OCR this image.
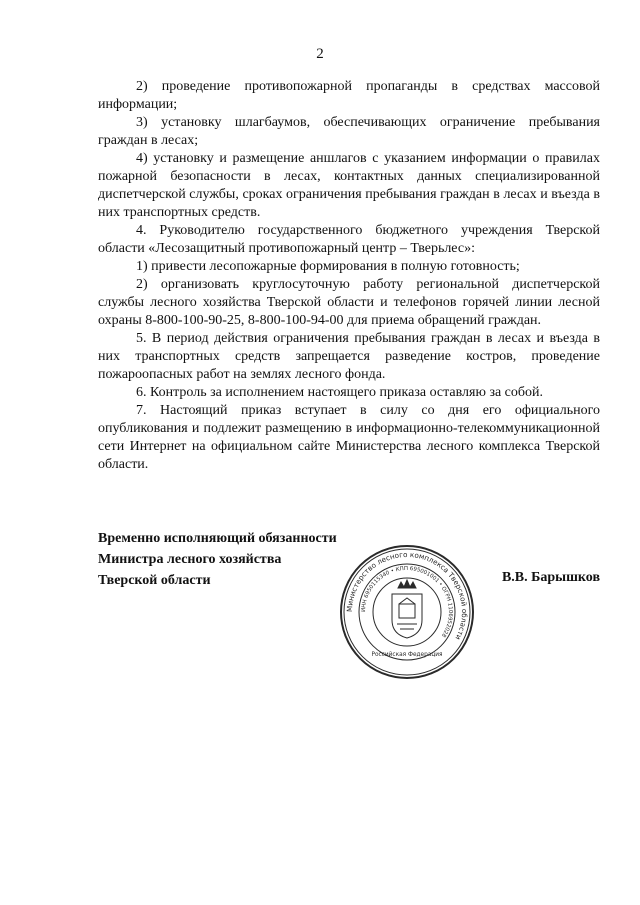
2

2) проведение противопожарной пропаганды в средствах массовой информации;

3) установку шлагбаумов, обеспечивающих ограничение пребывания граждан в лесах;

4) установку и размещение аншлагов с указанием информации о правилах пожарной безопасности в лесах, контактных данных специализированной диспетчерской службы, сроках ограничения пребывания граждан в лесах и въезда в них транспортных средств.

4. Руководителю государственного бюджетного учреждения Тверской области «Лесозащитный противопожарный центр – Тверьлес»:

1) привести лесопожарные формирования в полную готовность;

2) организовать круглосуточную работу региональной диспетчерской службы лесного хозяйства Тверской области и телефонов горячей линии лесной охраны 8-800-100-90-25, 8-800-100-94-00 для приема обращений граждан.

5. В период действия ограничения пребывания граждан в лесах и въезда в них транспортных средств запрещается разведение костров, проведение пожароопасных работ на землях лесного фонда.

6. Контроль за исполнением настоящего приказа оставляю за собой.

7. Настоящий приказ вступает в силу со дня его официального опубликования и подлежит размещению в информационно-телекоммуникационной сети Интернет на официальном сайте Министерства лесного комплекса Тверской области.

Временно исполняющий обязанности
Министра лесного хозяйства
Тверской области	В.В. Барышков
Министерство лесного комплекса Тверской области
ИНН 6950115340 • КПП 695001001 • ОГРН 1106952028
Российская Федерация
